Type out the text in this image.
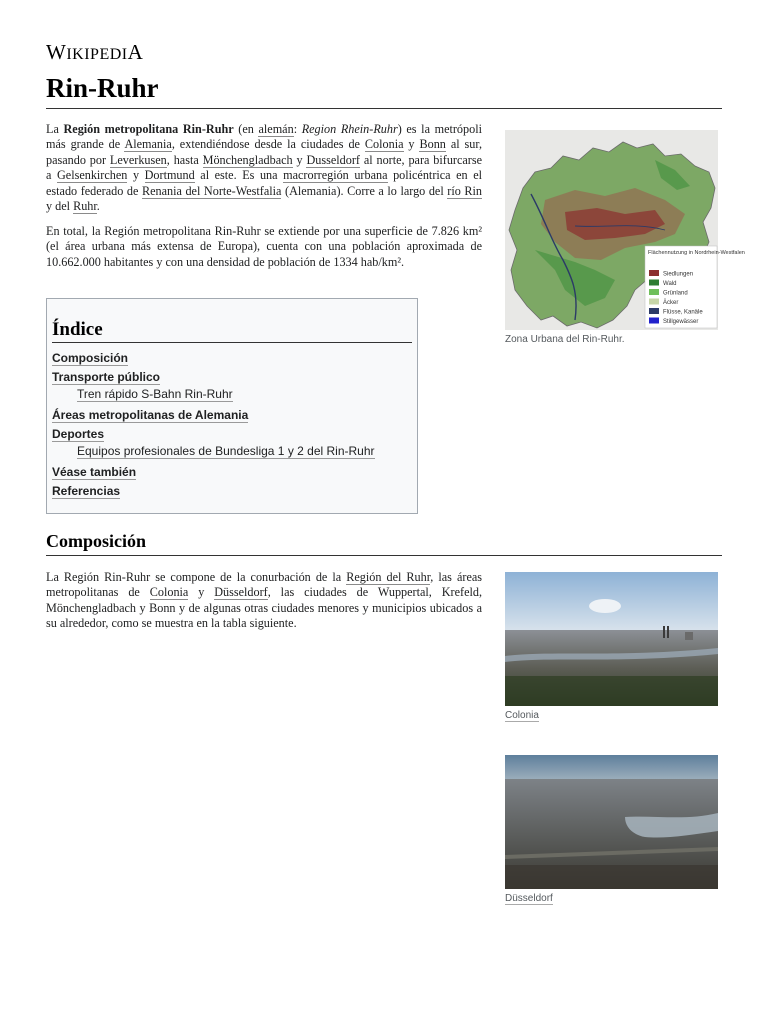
WIKIPEDIA
Rin-Ruhr

La Región metropolitana Rin-Ruhr (en alemán: Region Rhein-Ruhr) es la metrópoli más grande de Alemania, extendiéndose desde la ciudades de Colonia y Bonn al sur, pasando por Leverkusen, hasta Mönchengladbach y Dusseldorf al norte, para bifurcarse a Gelsenkirchen y Dortmund al este. Es una macrorregión urbana policéntrica en el estado federado de Renania del Norte-Westfalia (Alemania). Corre a lo largo del río Rin y del Ruhr.

En total, la Región metropolitana Rin-Ruhr se extiende por una superficie de 7.826 km² (el área urbana más extensa de Europa), cuenta con una población aproximada de 10.662.000 habitantes y con una densidad de población de 1334 hab/km².

Flächennutzung in Nordrhein-Westfalen
Siedlungen
Wald
Grünland
Äcker
Flüsse, Kanäle
Stillgewässer
Zona Urbana del Rin-Ruhr.
Índice
Composición
Transporte público
Tren rápido S-Bahn Rin-Ruhr
Áreas metropolitanas de Alemania
Deportes
Equipos profesionales de Bundesliga 1 y 2 del Rin-Ruhr
Véase también
Referencias
Composición

La Región Rin-Ruhr se compone de la conurbación de la Región del Ruhr, las áreas metropolitanas de Colonia y Düsseldorf, las ciudades de Wuppertal, Krefeld, Mönchengladbach y Bonn y de algunas otras ciudades menores y municipios ubicados a su alrededor, como se muestra en la tabla siguiente.

Colonia
Düsseldorf
